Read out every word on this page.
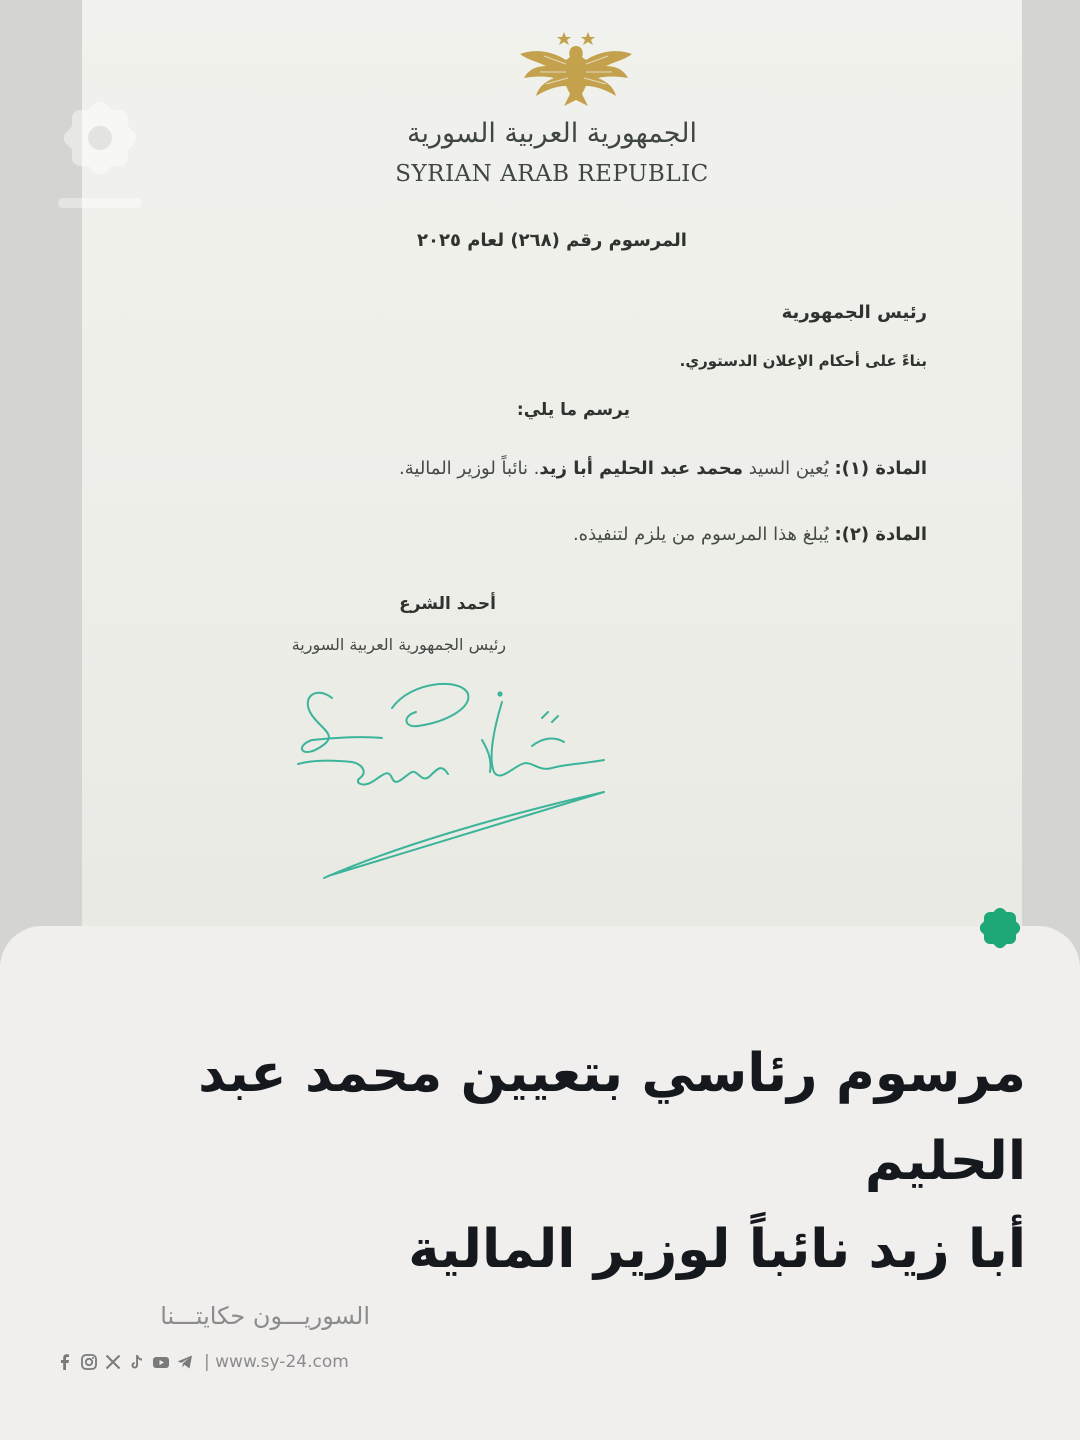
الجمهورية العربية السورية
SYRIAN ARAB REPUBLIC
المرسوم رقم (٢٦٨) لعام ٢٠٢٥
رئيس الجمهورية
بناءً على أحكام الإعلان الدستوري.
يرسم ما يلي:
المادة (١): يُعين السيد محمد عبد الحليم أبا زيد. نائباً لوزير المالية.
المادة (٢): يُبلغ هذا المرسوم من يلزم لتنفيذه.
أحمد الشرع
رئيس الجمهورية العربية السورية
مرسوم رئاسي بتعيين محمد عبد الحليم
أبا زيد نائباً لوزير المالية
السوريـــون حكايتـــنا
| www.sy-24.com
